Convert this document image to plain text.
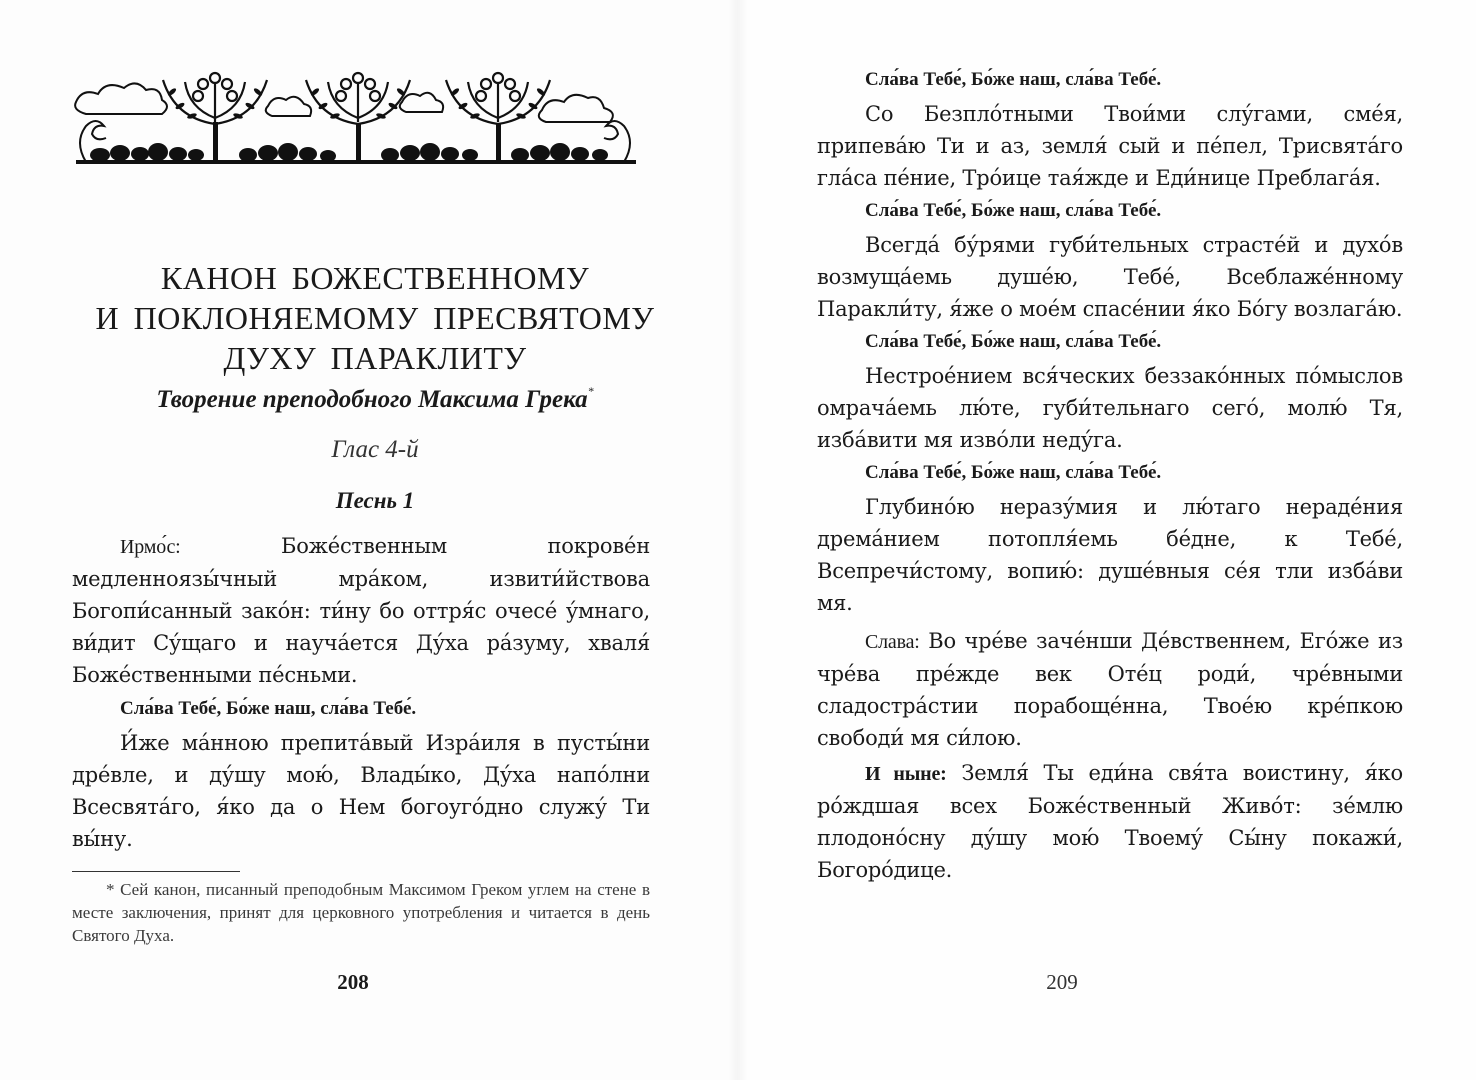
КАНОН БОЖЕСТВЕННОМУ
И ПОКЛОНЯЕМОМУ ПРЕСВЯТОМУ
ДУХУ ПАРАКЛИТУ
Творение преподобного Максима Грека*
Глас 4-й
Песнь 1

Ирмо́с:	Боже́ственным покрове́н медленноязы́чный мра́ком, извити́йствова Богопи́санный зако́н: ти́ну бо оттря́с очесе́ у́мнаго, ви́дит Су́щаго и научáется Ду́ха ра́зуму, хваля́ Боже́ственными пе́сньми.

Сла́ва Тебе́, Бо́же наш, сла́ва Тебе́.

И́же ма́нною препита́вый Изра́иля в пусты́ни дре́вле, и ду́шу мою́, Влады́ко, Ду́ха напо́лни Всесвята́го, я́ко да о Нем богоуго́дно служу́ Ти вы́ну.

* Сей канон, писанный преподобным Максимом Греком углем на стене в месте заключения, принят для церковного употребления и читается в день Святого Духа.

208

Сла́ва Тебе́, Бо́же наш, сла́ва Тебе́.

Со Безпло́тными Твои́ми слу́гами, сме́я, припева́ю Ти и аз, земля́ сый и пе́пел, Трисвята́го гла́са пе́ние, Тро́ице тая́жде и Еди́нице Преблага́я.

Сла́ва Тебе́, Бо́же наш, сла́ва Тебе́.

Всегда́ бу́рями губи́тельных страсте́й и духо́в возмуща́емь душе́ю, Тебе́, Всеблаже́нному Паракли́ту, я́же о мое́м спасе́нии я́ко Бо́гу возлага́ю.

Сла́ва Тебе́, Бо́же наш, сла́ва Тебе́.

Нестрое́нием вся́ческих беззако́нных по́мыслов омрача́емь лю́те, губи́тельнаго сего́, молю́ Тя, изба́вити мя изво́ли неду́га.

Сла́ва Тебе́, Бо́же наш, сла́ва Тебе́.

Глубино́ю неразу́мия и лю́таго нераде́ния дрема́нием потопля́емь бе́дне, к Тебе́, Всепречи́стому, вопию́: душе́вныя се́я тли изба́ви мя.

Слава: Во чре́ве заче́нши Де́вственнем, Его́же из чре́ва пре́жде век Оте́ц роди́, чре́вными сладостра́стии порабоще́нна, Твое́ю кре́пкою свободи́ мя си́лою.

И ныне: Земля́ Ты еди́на свя́та воистину, я́ко ро́ждшая всех Боже́ственный Живо́т: зе́млю плодоно́сну ду́шу мою́ Твоему́ Сы́ну покажи́, Богоро́дице.

209
